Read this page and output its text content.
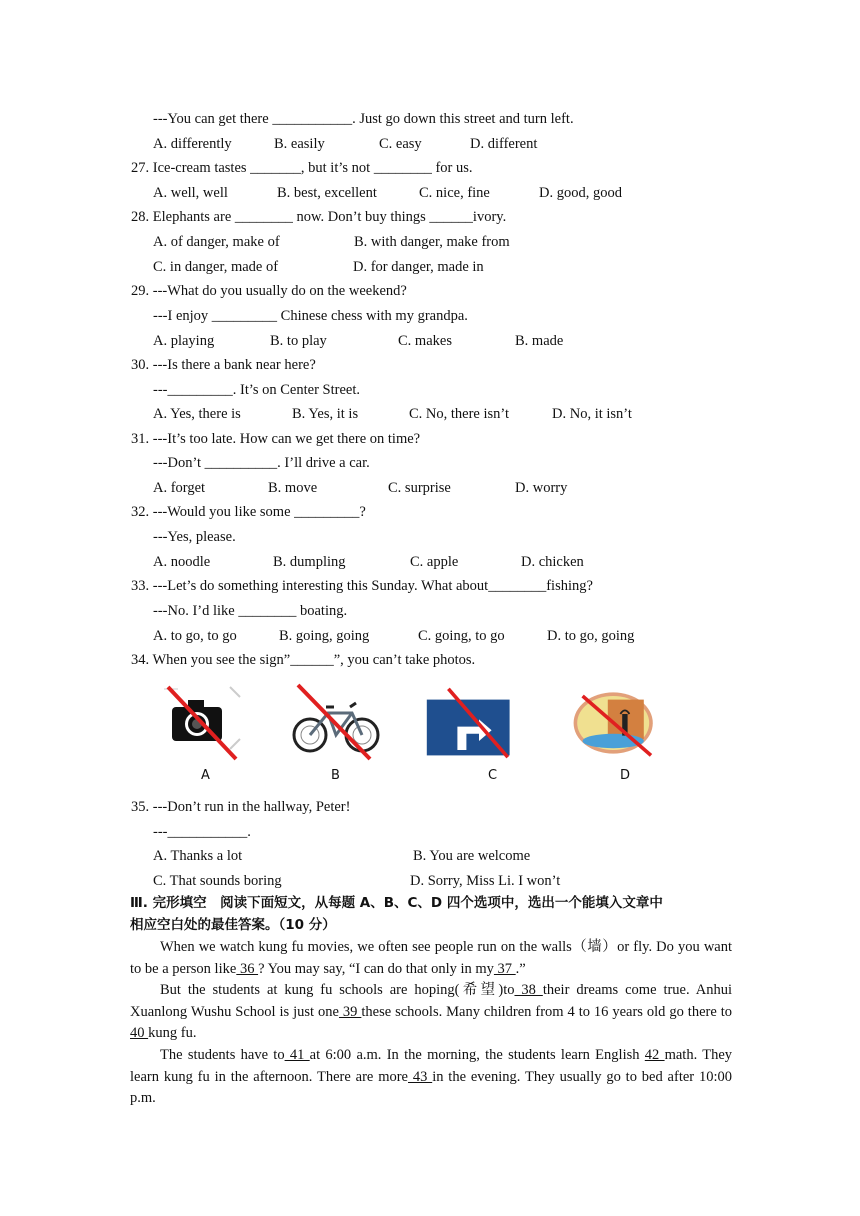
---You can get there ___________. Just go down this street and turn left.
A. differently	B. easily	C. easy	D. different
27. Ice-cream tastes _______, but it’s not ________ for us.
A. well, well	B. best, excellent	C. nice, fine	D. good, good
28. Elephants are ________ now. Don’t buy things ______ivory.
A. of danger, make of	B. with danger, make from
C. in danger, made of	D. for danger, made in
29. ---What do you usually do on the weekend?
---I enjoy _________ Chinese chess with my grandpa.
A. playing	B. to play	C. makes	B. made
30. ---Is there a bank near here?
---_________. It’s on Center Street.
A. Yes, there is	B. Yes, it is	C. No, there isn’t	D. No, it isn’t
31. ---It’s too late. How can we get there on time?
---Don’t __________. I’ll drive a car.
A. forget	B. move	C. surprise	D. worry
32. ---Would you like some _________?
---Yes, please.
A. noodle	B. dumpling	C. apple	D. chicken
33. ---Let’s do something interesting this Sunday. What about________fishing?
---No. I’d like ________ boating.
A. to go, to go	B. going, going	C. going, to go	D. to go, going
34. When you see the sign”______”, you can’t take photos.
A	B	C	D
35. ---Don’t run in the hallway, Peter!
---___________.
A. Thanks a lot	B. You are welcome
C. That sounds boring	D. Sorry, Miss Li. I won’t
Ⅲ. 完形填空　阅读下面短文，从每题 A、B、C、D 四个选项中，选出一个能填入文章中
相应空白处的最佳答案。（10 分）

When we watch kung fu movies, we often see people run on the walls（墙）or fly. Do you want to be a person like 36 ? You may say, “I can do that only in my 37 .”

But the students at kung fu schools are hoping(希望)to 38 their dreams come true. Anhui Xuanlong Wushu School is just one 39 these schools. Many children from 4 to 16 years old go there to 40 kung fu.

The students have to 41 at 6:00 a.m. In the morning, the students learn English 42 math. They learn kung fu in the afternoon. There are more 43 in the evening. They usually go to bed after 10:00 p.m.
